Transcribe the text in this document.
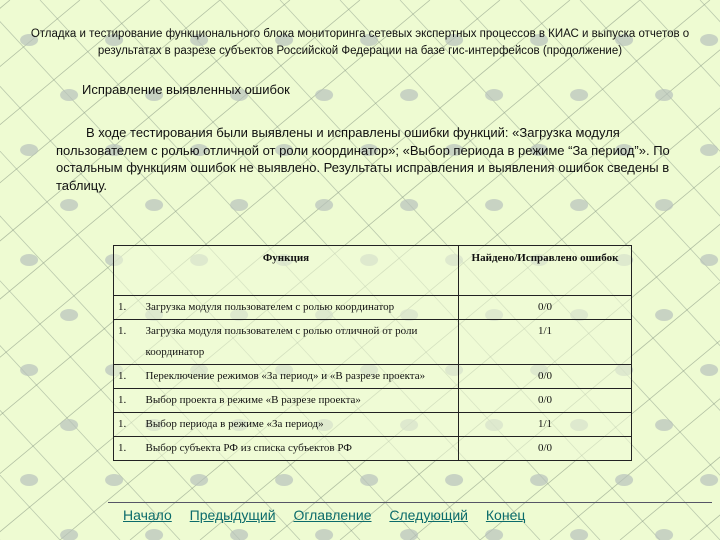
Отладка и тестирование функционального блока мониторинга сетевых экспертных процессов в КИАС и выпуска отчетов о результатах в разрезе субъектов Российской Федерации на базе гис-интерфейсов (продолжение)
Исправление выявленных ошибок
В ходе тестирования были выявлены и исправлены ошибки функций: «Загрузка модуля пользователем с ролью отличной от роли координатор»; «Выбор периода в режиме “За период”». По остальным функциям ошибок не выявлено. Результаты исправления и выявления ошибок сведены в таблицу.
Функция		Найдено/Исправлено ошибок
1.	Загрузка модуля пользователем с ролью координатор	0/0
1.	Загрузка модуля пользователем с ролью отличной от роли координатор	1/1
1.	Переключение режимов «За период» и «В разрезе проекта»	0/0
1.	Выбор проекта в режиме «В разрезе проекта»	0/0
1.	Выбор периода в режиме «За период»	1/1
1.	Выбор субъекта РФ из списка субъектов РФ	0/0
Начало Предыдущий Оглавление Следующий Конец
